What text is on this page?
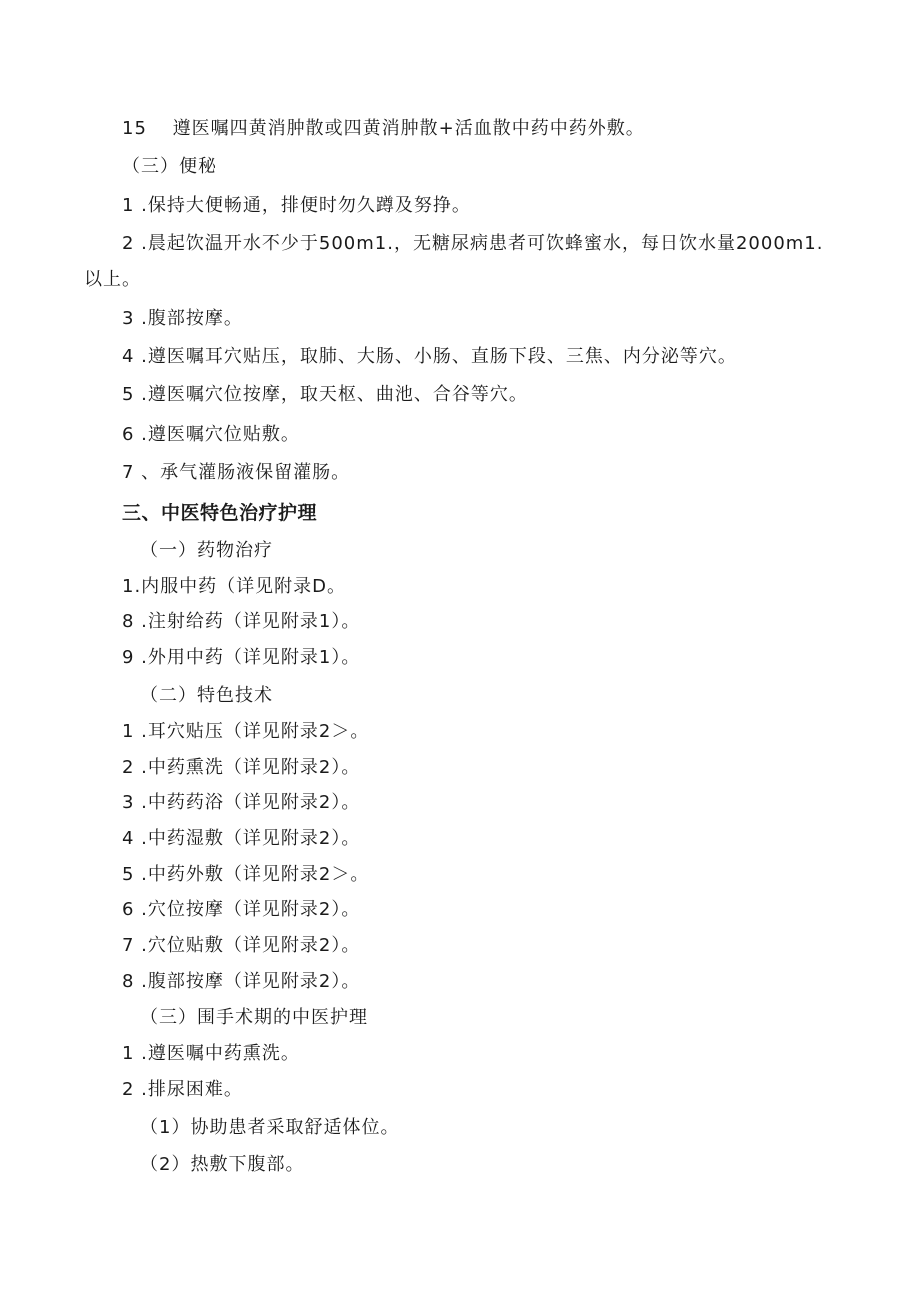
15　 遵医嘱四黄消肿散或四黄消肿散+活血散中药中药外敷。
（三）便秘
1 .保持大便畅通，排便时勿久蹲及努挣。
2 .晨起饮温开水不少于500m1.，无糖尿病患者可饮蜂蜜水，每日饮水量2000m1.
以上。
3 .腹部按摩。
4 .遵医嘱耳穴贴压，取肺、大肠、小肠、直肠下段、三焦、内分泌等穴。
5 .遵医嘱穴位按摩，取天枢、曲池、合谷等穴。
6 .遵医嘱穴位贴敷。
7 、承气灌肠液保留灌肠。
三、中医特色治疗护理
（一）药物治疗
1.内服中药（详见附录D。
8 .注射给药（详见附录1）。
9 .外用中药（详见附录1）。
（二）特色技术
1 .耳穴贴压（详见附录2＞。
2 .中药熏洗（详见附录2）。
3 .中药药浴（详见附录2）。
4 .中药湿敷（详见附录2）。
5 .中药外敷（详见附录2＞。
6 .穴位按摩（详见附录2）。
7 .穴位贴敷（详见附录2）。
8 .腹部按摩（详见附录2）。
（三）围手术期的中医护理
1 .遵医嘱中药熏洗。
2 .排尿困难。
（1）协助患者采取舒适体位。
（2）热敷下腹部。
